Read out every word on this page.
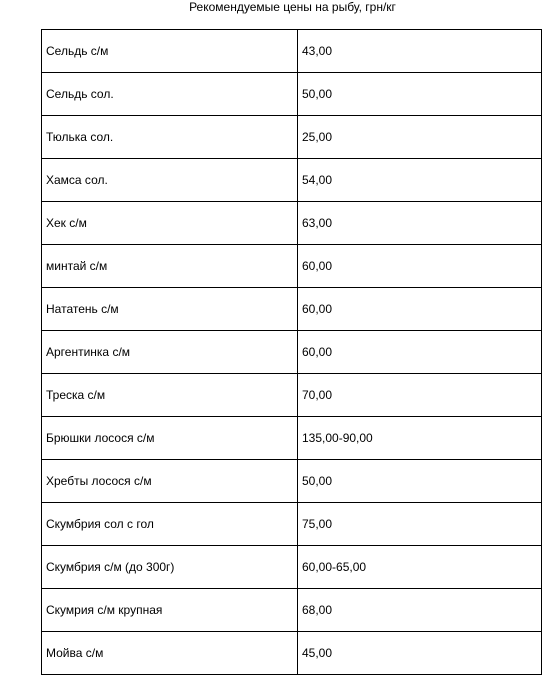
Рекомендуемые цены на рыбу, грн/кг
Сельдь с/м	43,00
Сельдь сол.	50,00
Тюлька сол.	25,00
Хамса сол.	54,00
Хек с/м	63,00
минтай с/м	60,00
Нататень с/м	60,00
Аргентинка с/м	60,00
Треска с/м	70,00
Брюшки лосося с/м	135,00-90,00
Хребты лосося с/м	50,00
Скумбрия сол с гол	75,00
Скумбрия с/м (до 300г)	60,00-65,00
Скумрия с/м крупная	68,00
Мойва с/м	45,00
